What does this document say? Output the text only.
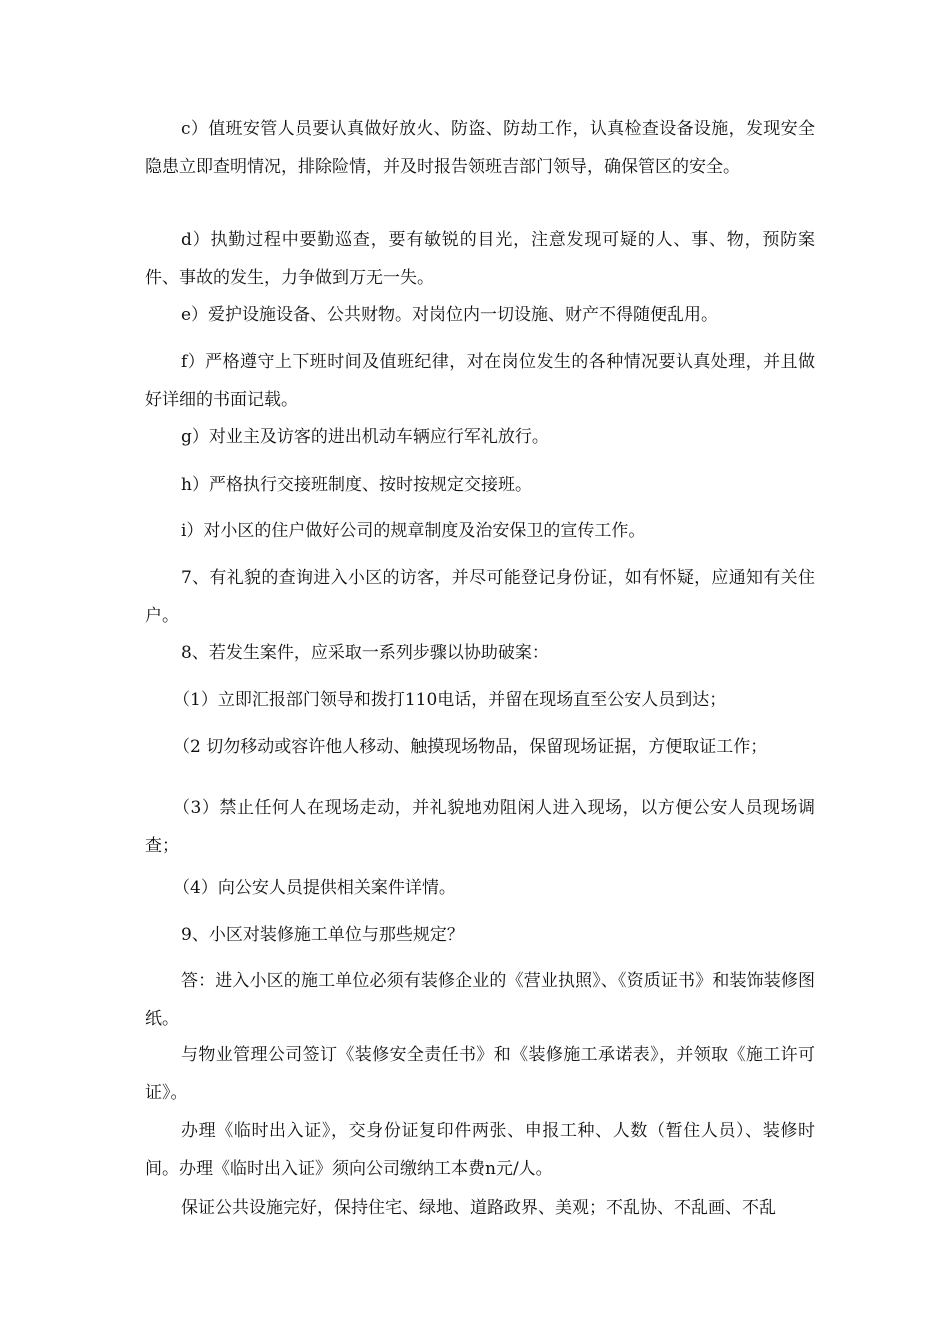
c）值班安管人员要认真做好放火、防盗、防劫工作，认真检查设备设施，发现安全隐患立即查明情况，排除险情，并及时报告领班吉部门领导，确保管区的安全。

d）执勤过程中要勤巡查，要有敏锐的目光，注意发现可疑的人、事、物，预防案件、事故的发生，力争做到万无一失。

e）爱护设施设备、公共财物。对岗位内一切设施、财产不得随便乱用。

f）严格遵守上下班时间及值班纪律，对在岗位发生的各种情况要认真处理，并且做好详细的书面记载。

g）对业主及访客的进出机动车辆应行军礼放行。

h）严格执行交接班制度、按时按规定交接班。

i）对小区的住户做好公司的规章制度及治安保卫的宣传工作。

7、有礼貌的查询进入小区的访客，并尽可能登记身份证，如有怀疑，应通知有关住户。

8、若发生案件，应采取一系列步骤以协助破案：

（1）立即汇报部门领导和拨打110电话，并留在现场直至公安人员到达；

（2 切勿移动或容许他人移动、触摸现场物品，保留现场证据，方便取证工作；

（3）禁止任何人在现场走动，并礼貌地劝阻闲人进入现场，以方便公安人员现场调查；

（4）向公安人员提供相关案件详情。

9、小区对装修施工单位与那些规定？

答：进入小区的施工单位必须有装修企业的《营业执照》、《资质证书》和装饰装修图纸。

与物业管理公司签订《装修安全责任书》和《装修施工承诺表》，并领取《施工许可证》。

办理《临时出入证》，交身份证复印件两张、申报工种、人数（暂住人员）、装修时间。办理《临时出入证》须向公司缴纳工本费n元/人。

保证公共设施完好，保持住宅、绿地、道路政界、美观；不乱协、不乱画、不乱
